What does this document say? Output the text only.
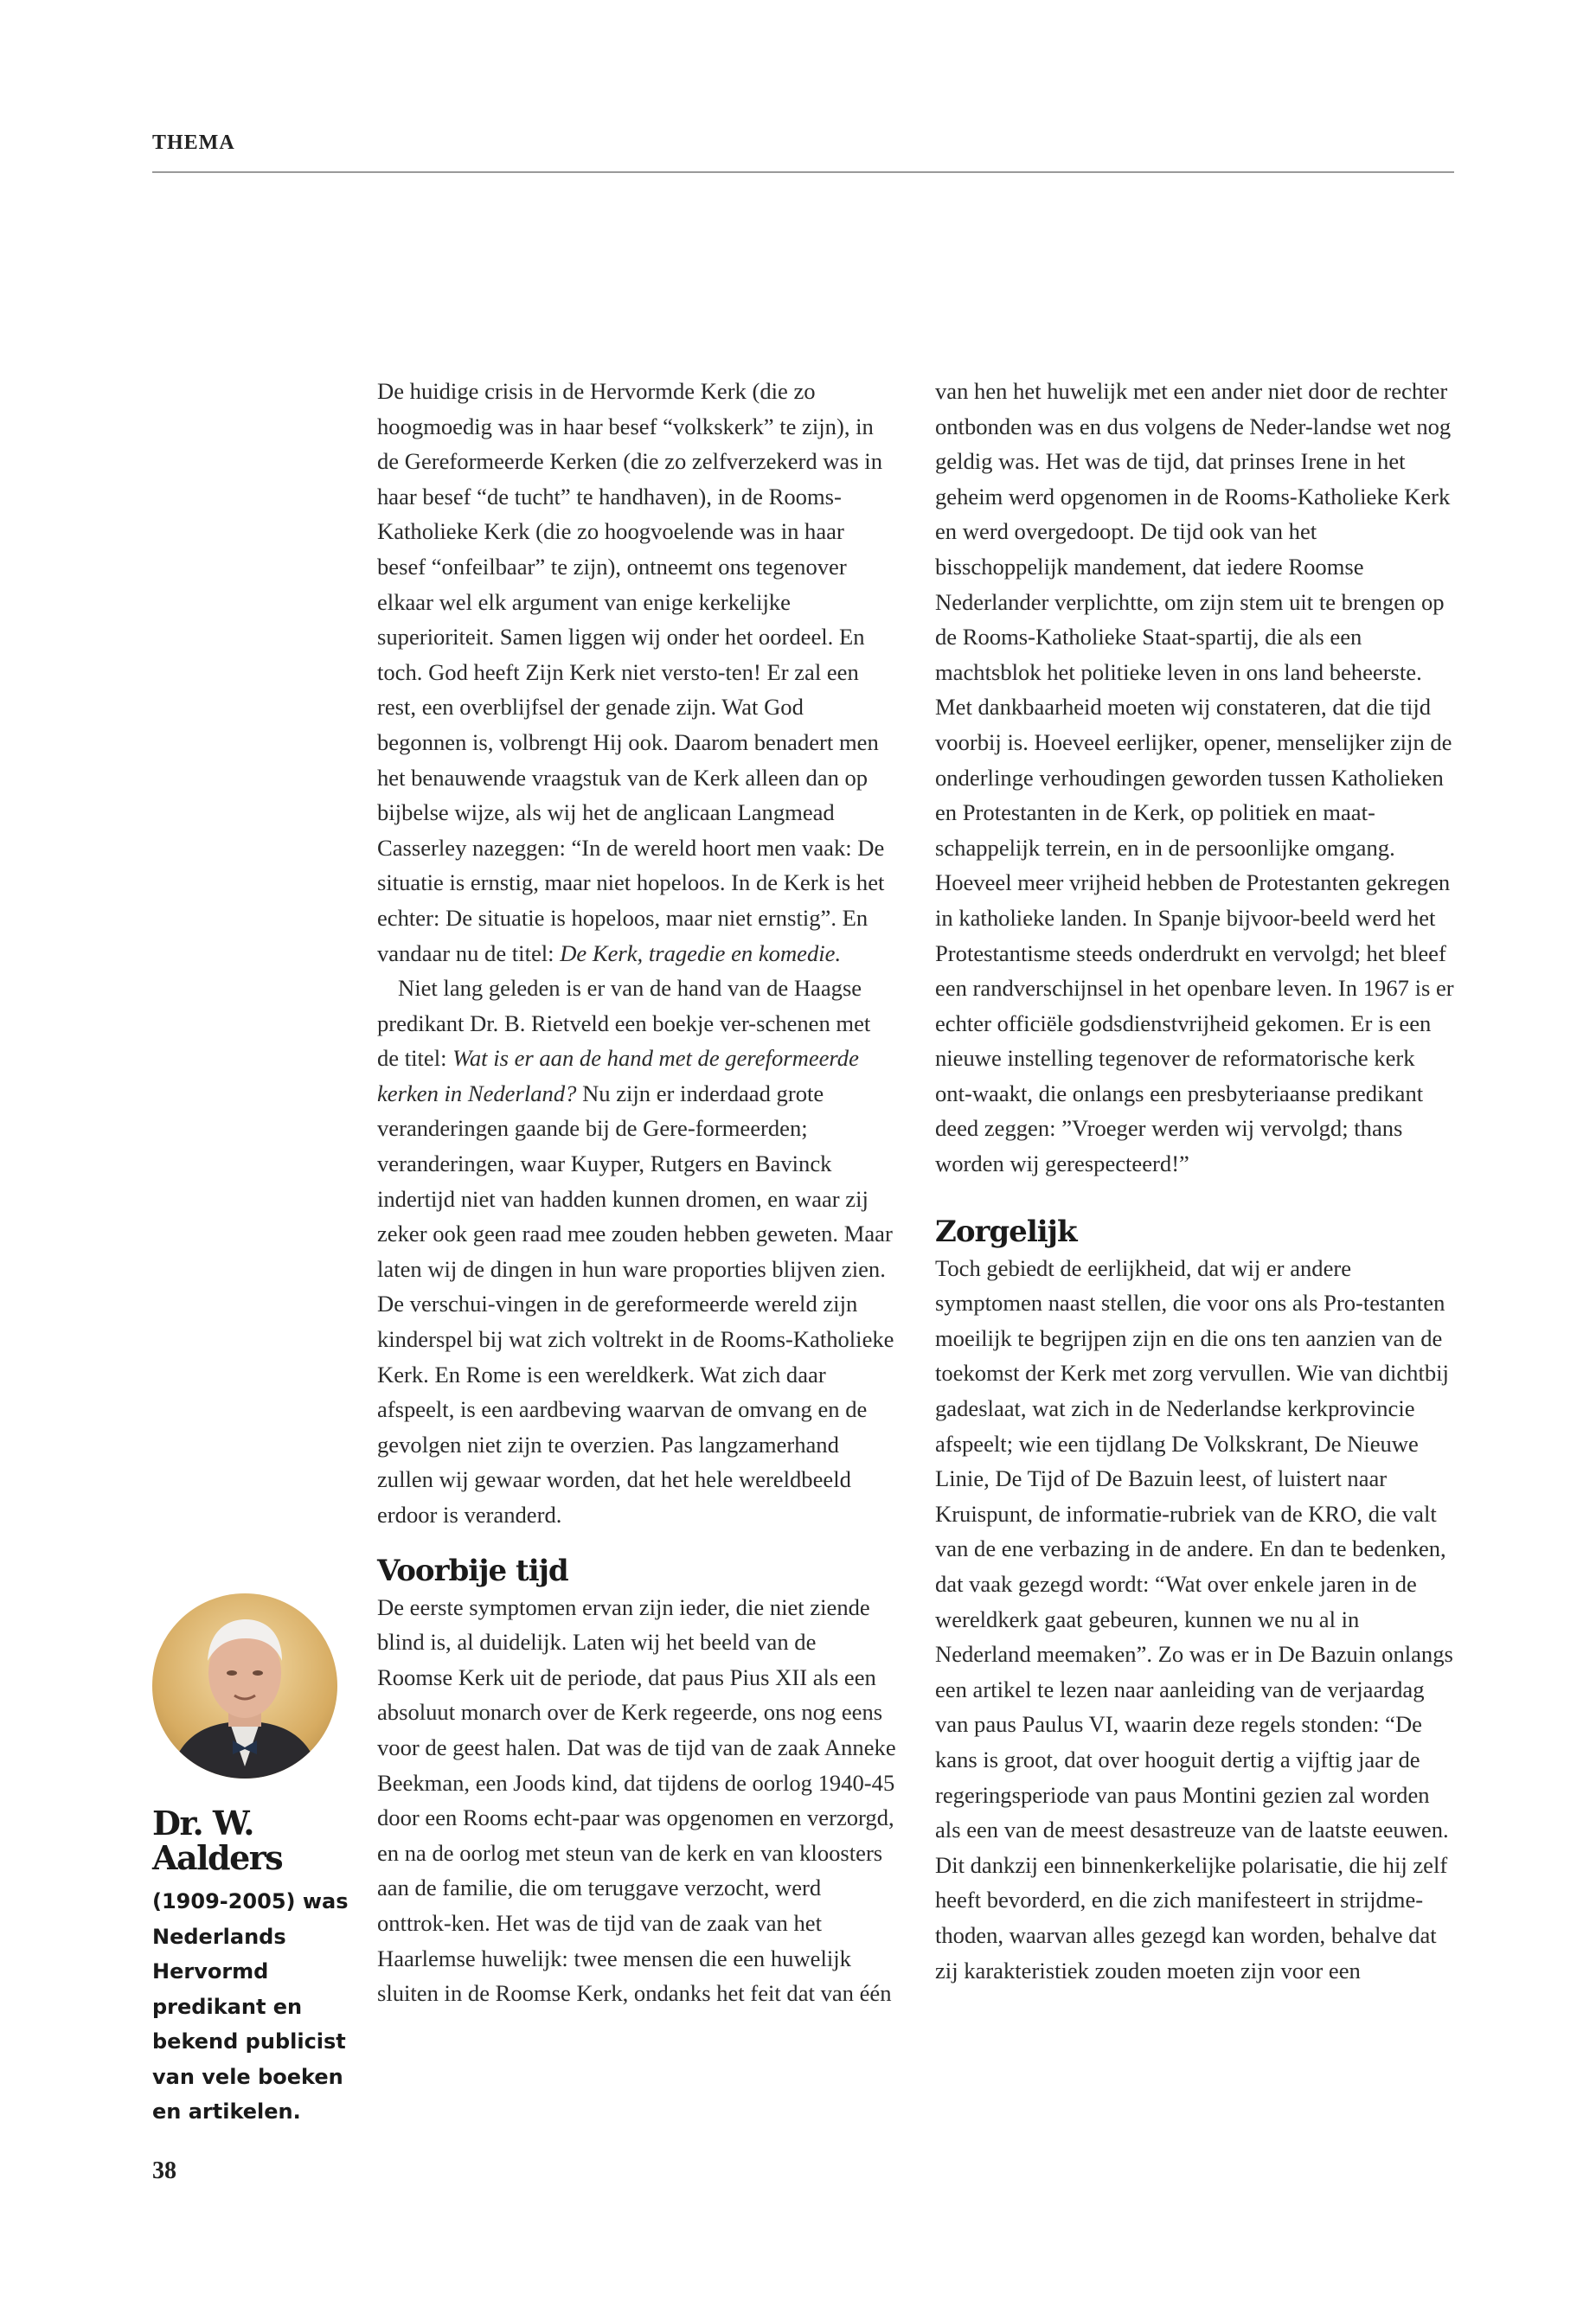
THEMA

De huidige crisis in de Hervormde Kerk (die zo hoogmoedig was in haar besef “volkskerk” te zijn), in de Gereformeerde Kerken (die zo zelfverzekerd was in haar besef “de tucht” te handhaven), in de Rooms- Katholieke Kerk (die zo hoogvoelende was in haar besef “onfeilbaar” te zijn), ontneemt ons tegenover elkaar wel elk argument van enige kerkelijke superioriteit. Samen liggen wij onder het oordeel. En toch. God heeft Zijn Kerk niet versto-ten! Er zal een rest, een overblijfsel der genade zijn. Wat God begonnen is, volbrengt Hij ook. Daarom benadert men het benauwende vraagstuk van de Kerk alleen dan op bijbelse wijze, als wij het de anglicaan Langmead Casserley nazeggen: “In de wereld hoort men vaak: De situatie is ernstig, maar niet hopeloos. In de Kerk is het echter: De situatie is hopeloos, maar niet ernstig”. En vandaar nu de titel: De Kerk, tragedie en komedie.

Niet lang geleden is er van de hand van de Haagse predikant Dr. B. Rietveld een boekje ver-schenen met de titel: Wat is er aan de hand met de gereformeerde kerken in Nederland? Nu zijn er inderdaad grote veranderingen gaande bij de Gere-formeerden; veranderingen, waar Kuyper, Rutgers en Bavinck indertijd niet van hadden kunnen dromen, en waar zij zeker ook geen raad mee zouden hebben geweten. Maar laten wij de dingen in hun ware proporties blijven zien. De verschui-vingen in de gereformeerde wereld zijn kinderspel bij wat zich voltrekt in de Rooms-Katholieke Kerk. En Rome is een wereldkerk. Wat zich daar afspeelt, is een aardbeving waarvan de omvang en de gevolgen niet zijn te overzien. Pas langzamerhand zullen wij gewaar worden, dat het hele wereldbeeld erdoor is veranderd.

Voorbije tijd

De eerste symptomen ervan zijn ieder, die niet ziende blind is, al duidelijk. Laten wij het beeld van de Roomse Kerk uit de periode, dat paus Pius XII als een absoluut monarch over de Kerk regeerde, ons nog eens voor de geest halen. Dat was de tijd van de zaak Anneke Beekman, een Joods kind, dat tijdens de oorlog 1940-45 door een Rooms echt-paar was opgenomen en verzorgd, en na de oorlog met steun van de kerk en van kloosters aan de familie, die om teruggave verzocht, werd onttrok-ken. Het was de tijd van de zaak van het Haarlemse huwelijk: twee mensen die een huwelijk sluiten in de Roomse Kerk, ondanks het feit dat van één

van hen het huwelijk met een ander niet door de rechter ontbonden was en dus volgens de Neder-landse wet nog geldig was. Het was de tijd, dat prinses Irene in het geheim werd opgenomen in de Rooms-Katholieke Kerk en werd overgedoopt. De tijd ook van het bisschoppelijk mandement, dat iedere Roomse Nederlander verplichtte, om zijn stem uit te brengen op de Rooms-Katholieke Staat-spartij, die als een machtsblok het politieke leven in ons land beheerste. Met dankbaarheid moeten wij constateren, dat die tijd voorbij is. Hoeveel eerlijker, opener, menselijker zijn de onderlinge verhoudingen geworden tussen Katholieken en Protestanten in de Kerk, op politiek en maat-schappelijk terrein, en in de persoonlijke omgang. Hoeveel meer vrijheid hebben de Protestanten gekregen in katholieke landen. In Spanje bijvoor-beeld werd het Protestantisme steeds onderdrukt en vervolgd; het bleef een randverschijnsel in het openbare leven. In 1967 is er echter officiële godsdienstvrijheid gekomen. Er is een nieuwe instelling tegenover de reformatorische kerk ont-waakt, die onlangs een presbyteriaanse predikant deed zeggen: ”Vroeger werden wij vervolgd; thans worden wij gerespecteerd!”

Zorgelijk

Toch gebiedt de eerlijkheid, dat wij er andere symptomen naast stellen, die voor ons als Pro-testanten moeilijk te begrijpen zijn en die ons ten aanzien van de toekomst der Kerk met zorg vervullen. Wie van dichtbij gadeslaat, wat zich in de Nederlandse kerkprovincie afspeelt; wie een tijdlang De Volkskrant, De Nieuwe Linie, De Tijd of De Bazuin leest, of luistert naar Kruispunt, de informatie-rubriek van de KRO, die valt van de ene verbazing in de andere. En dan te bedenken, dat vaak gezegd wordt: “Wat over enkele jaren in de wereldkerk gaat gebeuren, kunnen we nu al in Nederland meemaken”. Zo was er in De Bazuin onlangs een artikel te lezen naar aanleiding van de verjaardag van paus Paulus VI, waarin deze regels stonden: “De kans is groot, dat over hooguit dertig a vijftig jaar de regeringsperiode van paus Montini gezien zal worden als een van de meest desastreuze van de laatste eeuwen. Dit dankzij een binnenkerkelijke polarisatie, die hij zelf heeft bevorderd, en die zich manifesteert in strijdme-thoden, waarvan alles gezegd kan worden, behalve dat zij karakteristiek zouden moeten zijn voor een

Dr. W. Aalders
(1909-2005) was Nederlands Hervormd predikant en bekend publicist van vele boeken en artikelen.
38
